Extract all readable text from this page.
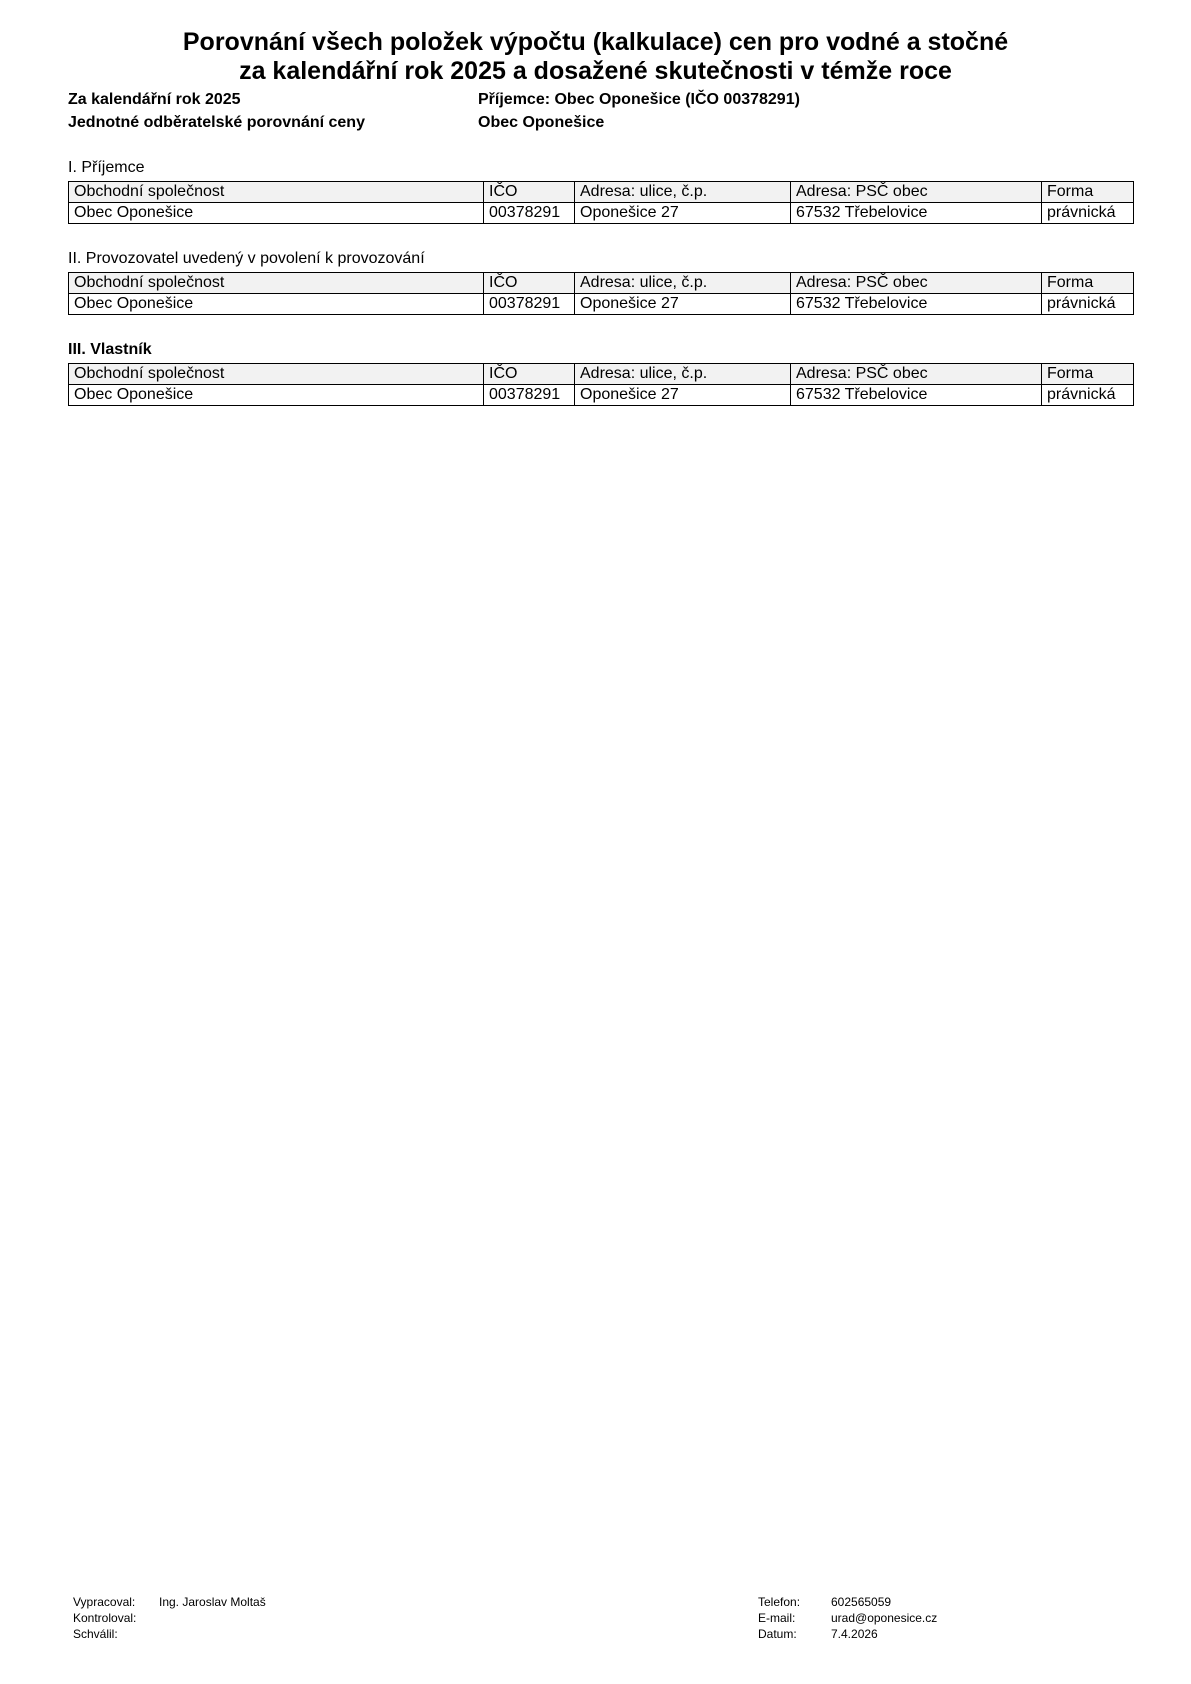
Porovnání všech položek výpočtu (kalkulace) cen pro vodné a stočné
za kalendářní rok 2025 a dosažené skutečnosti v témže roce
Za kalendářní rok 2025
Jednotné odběratelské porovnání ceny
Příjemce: Obec Oponešice (IČO 00378291)
Obec Oponešice
I. Příjemce
Obchodní společnost	IČO	Adresa: ulice, č.p.	Adresa: PSČ obec	Forma
Obec Oponešice	00378291	Oponešice 27	67532 Třebelovice	právnická
II. Provozovatel uvedený v povolení k provozování
Obchodní společnost	IČO	Adresa: ulice, č.p.	Adresa: PSČ obec	Forma
Obec Oponešice	00378291	Oponešice 27	67532 Třebelovice	právnická
III. Vlastník
Obchodní společnost	IČO	Adresa: ulice, č.p.	Adresa: PSČ obec	Forma
Obec Oponešice	00378291	Oponešice 27	67532 Třebelovice	právnická
Vypracoval: Ing. Jaroslav Moltaš
Kontroloval:
Schválil:
Telefon:	602565059
E-mail:	urad@oponesice.cz
Datum:	7.4.2026
